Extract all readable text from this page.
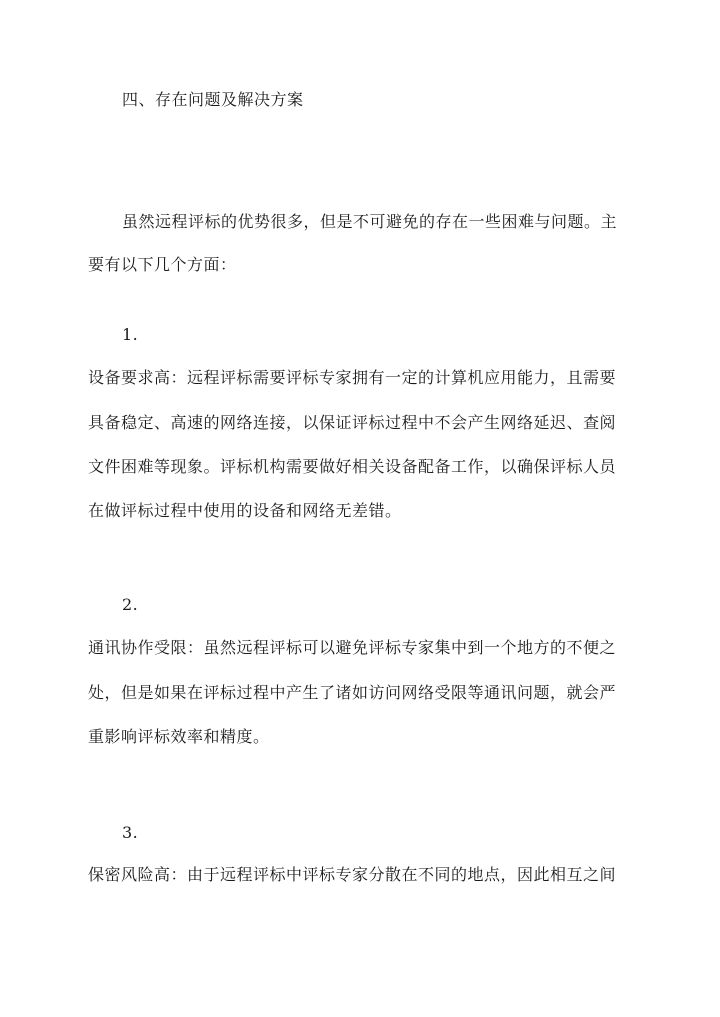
四、存在问题及解决方案
虽然远程评标的优势很多，但是不可避免的存在一些困难与问题。主
要有以下几个方面：
1.
设备要求高：远程评标需要评标专家拥有一定的计算机应用能力，且需要
具备稳定、高速的网络连接，以保证评标过程中不会产生网络延迟、查阅
文件困难等现象。评标机构需要做好相关设备配备工作，以确保评标人员
在做评标过程中使用的设备和网络无差错。
2.
通讯协作受限：虽然远程评标可以避免评标专家集中到一个地方的不便之
处，但是如果在评标过程中产生了诸如访问网络受限等通讯问题，就会严
重影响评标效率和精度。
3.
保密风险高：由于远程评标中评标专家分散在不同的地点，因此相互之间
